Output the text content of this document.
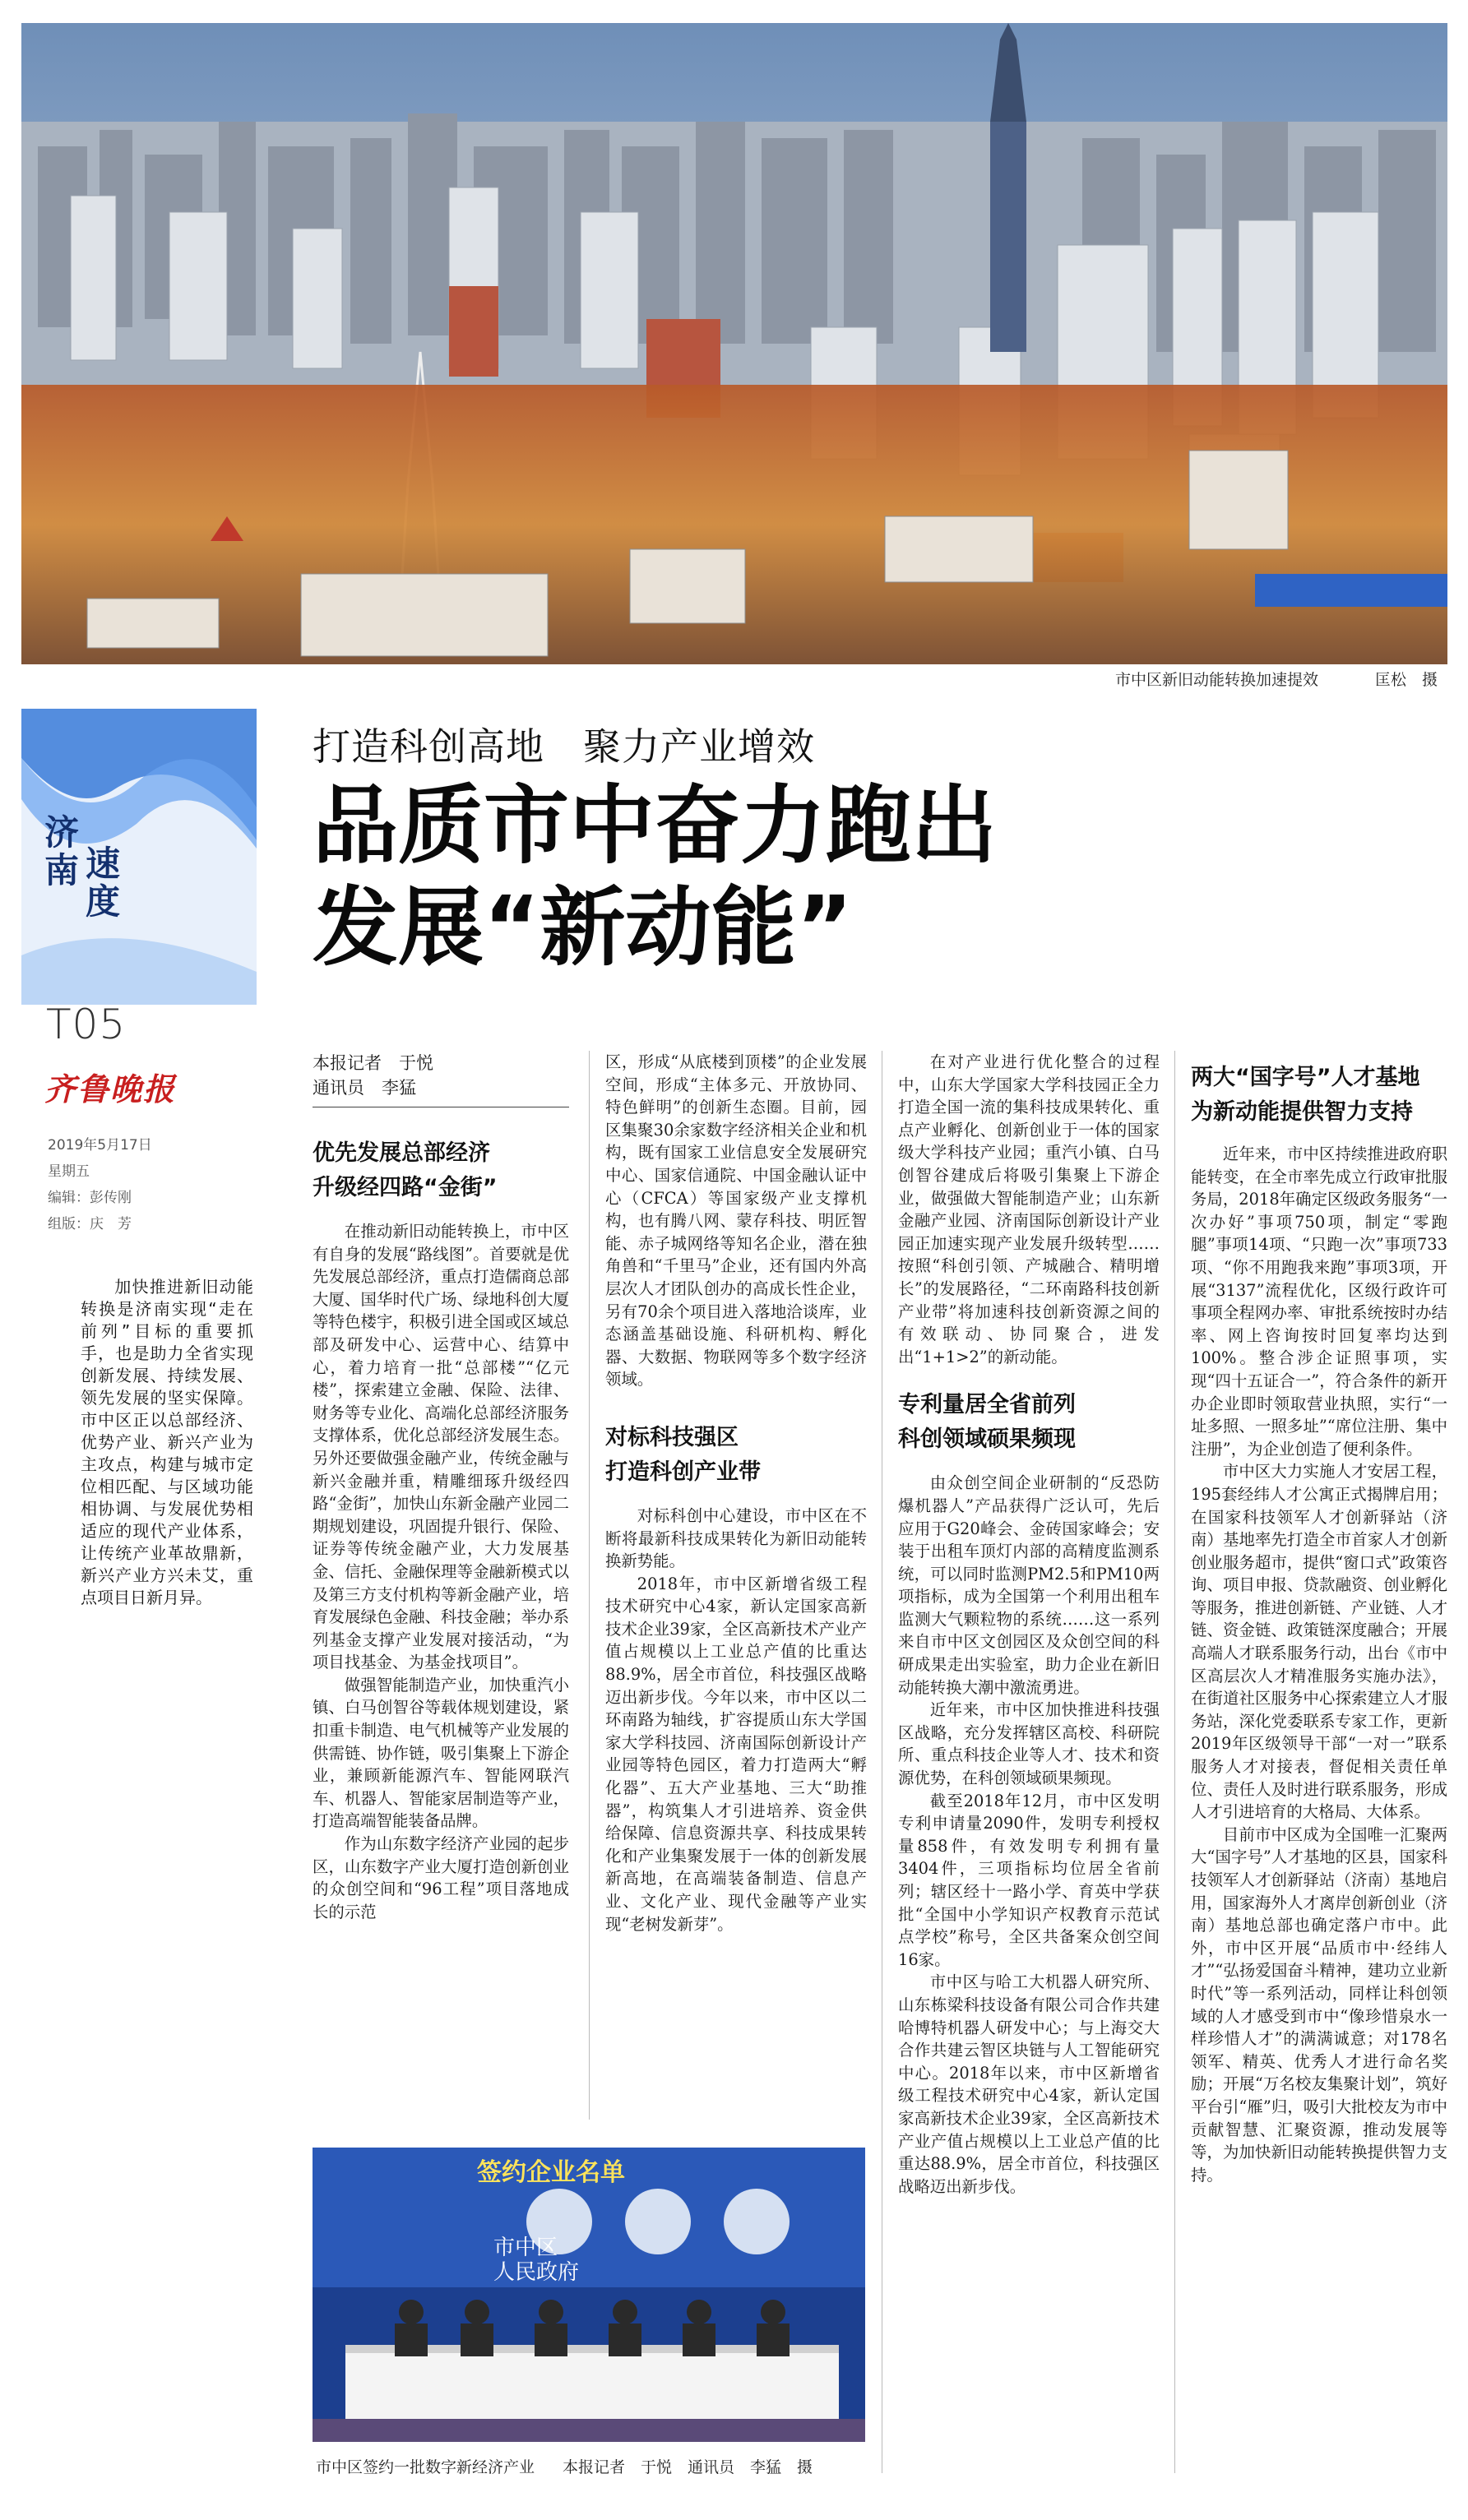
市中区新旧动能转换加速提效	匡松　摄
济
南 速
度
T05
齐鲁晚报
2019年5月17日
星期五
编辑：彭传刚
组版：庆　芳
加快推进新旧动能转换是济南实现“走在前列”目标的重要抓手，也是助力全省实现创新发展、持续发展、领先发展的坚实保障。市中区正以总部经济、优势产业、新兴产业为主攻点，构建与城市定位相匹配、与区域功能相协调、与发展优势相适应的现代产业体系，让传统产业革故鼎新，新兴产业方兴未艾，重点项目日新月异。
打造科创高地　聚力产业增效
品质市中奋力跑出
发展“新动能”
本报记者　于悦
通讯员　李猛
优先发展总部经济
升级经四路“金街”

在推动新旧动能转换上，市中区有自身的发展“路线图”。首要就是优先发展总部经济，重点打造儒商总部大厦、国华时代广场、绿地科创大厦等特色楼宇，积极引进全国或区域总部及研发中心、运营中心、结算中心，着力培育一批“总部楼”“亿元楼”，探索建立金融、保险、法律、财务等专业化、高端化总部经济服务支撑体系，优化总部经济发展生态。另外还要做强金融产业，传统金融与新兴金融并重，精雕细琢升级经四路“金街”，加快山东新金融产业园二期规划建设，巩固提升银行、保险、证券等传统金融产业，大力发展基金、信托、金融保理等金融新模式以及第三方支付机构等新金融产业，培育发展绿色金融、科技金融；举办系列基金支撑产业发展对接活动，“为项目找基金、为基金找项目”。

做强智能制造产业，加快重汽小镇、白马创智谷等载体规划建设，紧扣重卡制造、电气机械等产业发展的供需链、协作链，吸引集聚上下游企业，兼顾新能源汽车、智能网联汽车、机器人、智能家居制造等产业，打造高端智能装备品牌。

作为山东数字经济产业园的起步区，山东数字产业大厦打造创新创业的众创空间和“96工程”项目落地成长的示范

区，形成“从底楼到顶楼”的企业发展空间，形成“主体多元、开放协同、特色鲜明”的创新生态圈。目前，园区集聚30余家数字经济相关企业和机构，既有国家工业信息安全发展研究中心、国家信通院、中国金融认证中心（CFCA）等国家级产业支撑机构，也有腾八网、蒙存科技、明匠智能、赤子城网络等知名企业，潜在独角兽和“千里马”企业，还有国内外高层次人才团队创办的高成长性企业，另有70余个项目进入落地洽谈库，业态涵盖基础设施、科研机构、孵化器、大数据、物联网等多个数字经济领域。

对标科技强区
打造科创产业带

对标科创中心建设，市中区在不断将最新科技成果转化为新旧动能转换新势能。

2018年，市中区新增省级工程技术研究中心4家，新认定国家高新技术企业39家，全区高新技术产业产值占规模以上工业总产值的比重达88.9%，居全市首位，科技强区战略迈出新步伐。今年以来，市中区以二环南路为轴线，扩容提质山东大学国家大学科技园、济南国际创新设计产业园等特色园区，着力打造两大“孵化器”、五大产业基地、三大“助推器”，构筑集人才引进培养、资金供给保障、信息资源共享、科技成果转化和产业集聚发展于一体的创新发展新高地，在高端装备制造、信息产业、文化产业、现代金融等产业实现“老树发新芽”。

签约企业名单
市中区
人民政府
市中区签约一批数字新经济产业 本报记者　于悦　通讯员　李猛　摄

在对产业进行优化整合的过程中，山东大学国家大学科技园正全力打造全国一流的集科技成果转化、重点产业孵化、创新创业于一体的国家级大学科技产业园；重汽小镇、白马创智谷建成后将吸引集聚上下游企业，做强做大智能制造产业；山东新金融产业园、济南国际创新设计产业园正加速实现产业发展升级转型……按照“科创引领、产城融合、精明增长”的发展路径，“二环南路科技创新产业带”将加速科技创新资源之间的有效联动、协同聚合，进发出“1+1>2”的新动能。

专利量居全省前列
科创领域硕果频现

由众创空间企业研制的“反恐防爆机器人”产品获得广泛认可，先后应用于G20峰会、金砖国家峰会；安装于出租车顶灯内部的高精度监测系统，可以同时监测PM2.5和PM10两项指标，成为全国第一个利用出租车监测大气颗粒物的系统……这一系列来自市中区文创园区及众创空间的科研成果走出实验室，助力企业在新旧动能转换大潮中激流勇进。

近年来，市中区加快推进科技强区战略，充分发挥辖区高校、科研院所、重点科技企业等人才、技术和资源优势，在科创领域硕果频现。

截至2018年12月，市中区发明专利申请量2090件，发明专利授权量858件，有效发明专利拥有量3404件，三项指标均位居全省前列；辖区经十一路小学、育英中学获批“全国中小学知识产权教育示范试点学校”称号，全区共备案众创空间16家。

市中区与哈工大机器人研究所、山东栋梁科技设备有限公司合作共建哈博特机器人研发中心；与上海交大合作共建云智区块链与人工智能研究中心。2018年以来，市中区新增省级工程技术研究中心4家，新认定国家高新技术企业39家，全区高新技术产业产值占规模以上工业总产值的比重达88.9%，居全市首位，科技强区战略迈出新步伐。

两大“国字号”人才基地
为新动能提供智力支持

近年来，市中区持续推进政府职能转变，在全市率先成立行政审批服务局，2018年确定区级政务服务“一次办好”事项750项，制定“零跑腿”事项14项、“只跑一次”事项733项、“你不用跑我来跑”事项3项，开展“3137”流程优化，区级行政许可事项全程网办率、审批系统按时办结率、网上咨询按时回复率均达到100%。整合涉企证照事项，实现“四十五证合一”，符合条件的新开办企业即时领取营业执照，实行“一址多照、一照多址”“席位注册、集中注册”，为企业创造了便利条件。

市中区大力实施人才安居工程，195套经纬人才公寓正式揭牌启用；在国家科技领军人才创新驿站（济南）基地率先打造全市首家人才创新创业服务超市，提供“窗口式”政策咨询、项目申报、贷款融资、创业孵化等服务，推进创新链、产业链、人才链、资金链、政策链深度融合；开展高端人才联系服务行动，出台《市中区高层次人才精准服务实施办法》，在街道社区服务中心探索建立人才服务站，深化党委联系专家工作，更新2019年区级领导干部“一对一”联系服务人才对接表，督促相关责任单位、责任人及时进行联系服务，形成人才引进培育的大格局、大体系。

目前市中区成为全国唯一汇聚两大“国字号”人才基地的区县，国家科技领军人才创新驿站（济南）基地启用，国家海外人才离岸创新创业（济南）基地总部也确定落户市中。此外，市中区开展“品质市中·经纬人才”“弘扬爱国奋斗精神，建功立业新时代”等一系列活动，同样让科创领域的人才感受到市中“像珍惜泉水一样珍惜人才”的满满诚意；对178名领军、精英、优秀人才进行命名奖励；开展“万名校友集聚计划”，筑好平台引“雁”归，吸引大批校友为市中贡献智慧、汇聚资源，推动发展等等，为加快新旧动能转换提供智力支持。
